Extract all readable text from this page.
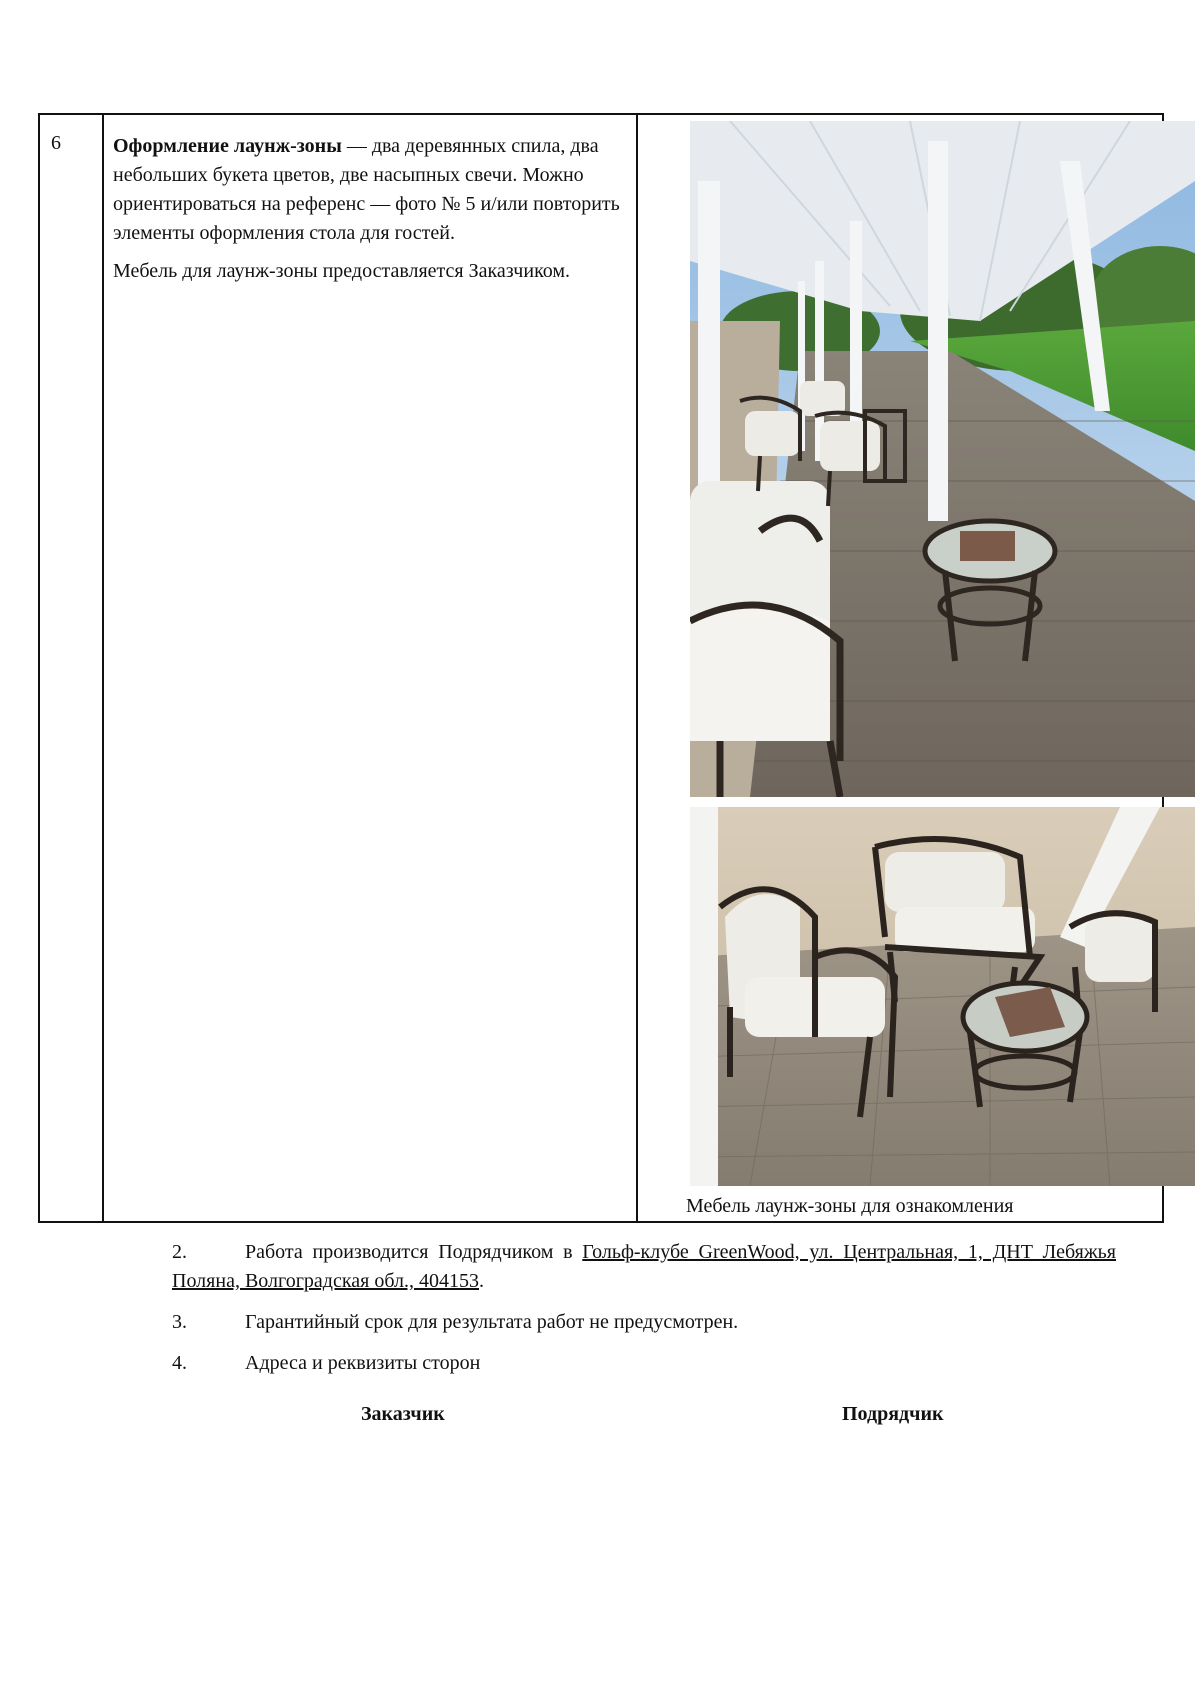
6	Оформление лаунж-зоны — два деревянных спила, два небольших букета цветов, две насыпных свечи. Можно ориентироваться на референс — фото № 5 и/или повторить элементы оформления стола для гостей.

Мебель для лаунж-зоны предоставляется Заказчиком.

Мебель лаунж-зоны для ознакомления
2.	Работа производится Подрядчиком в Гольф-клубе GreenWood, ул. Центральная, 1, ДНТ Лебяжья Поляна, Волгоградская обл., 404153.
3.	Гарантийный срок для результата работ не предусмотрен.
4.	Адреса и реквизиты сторон
Заказчик	Подрядчик
